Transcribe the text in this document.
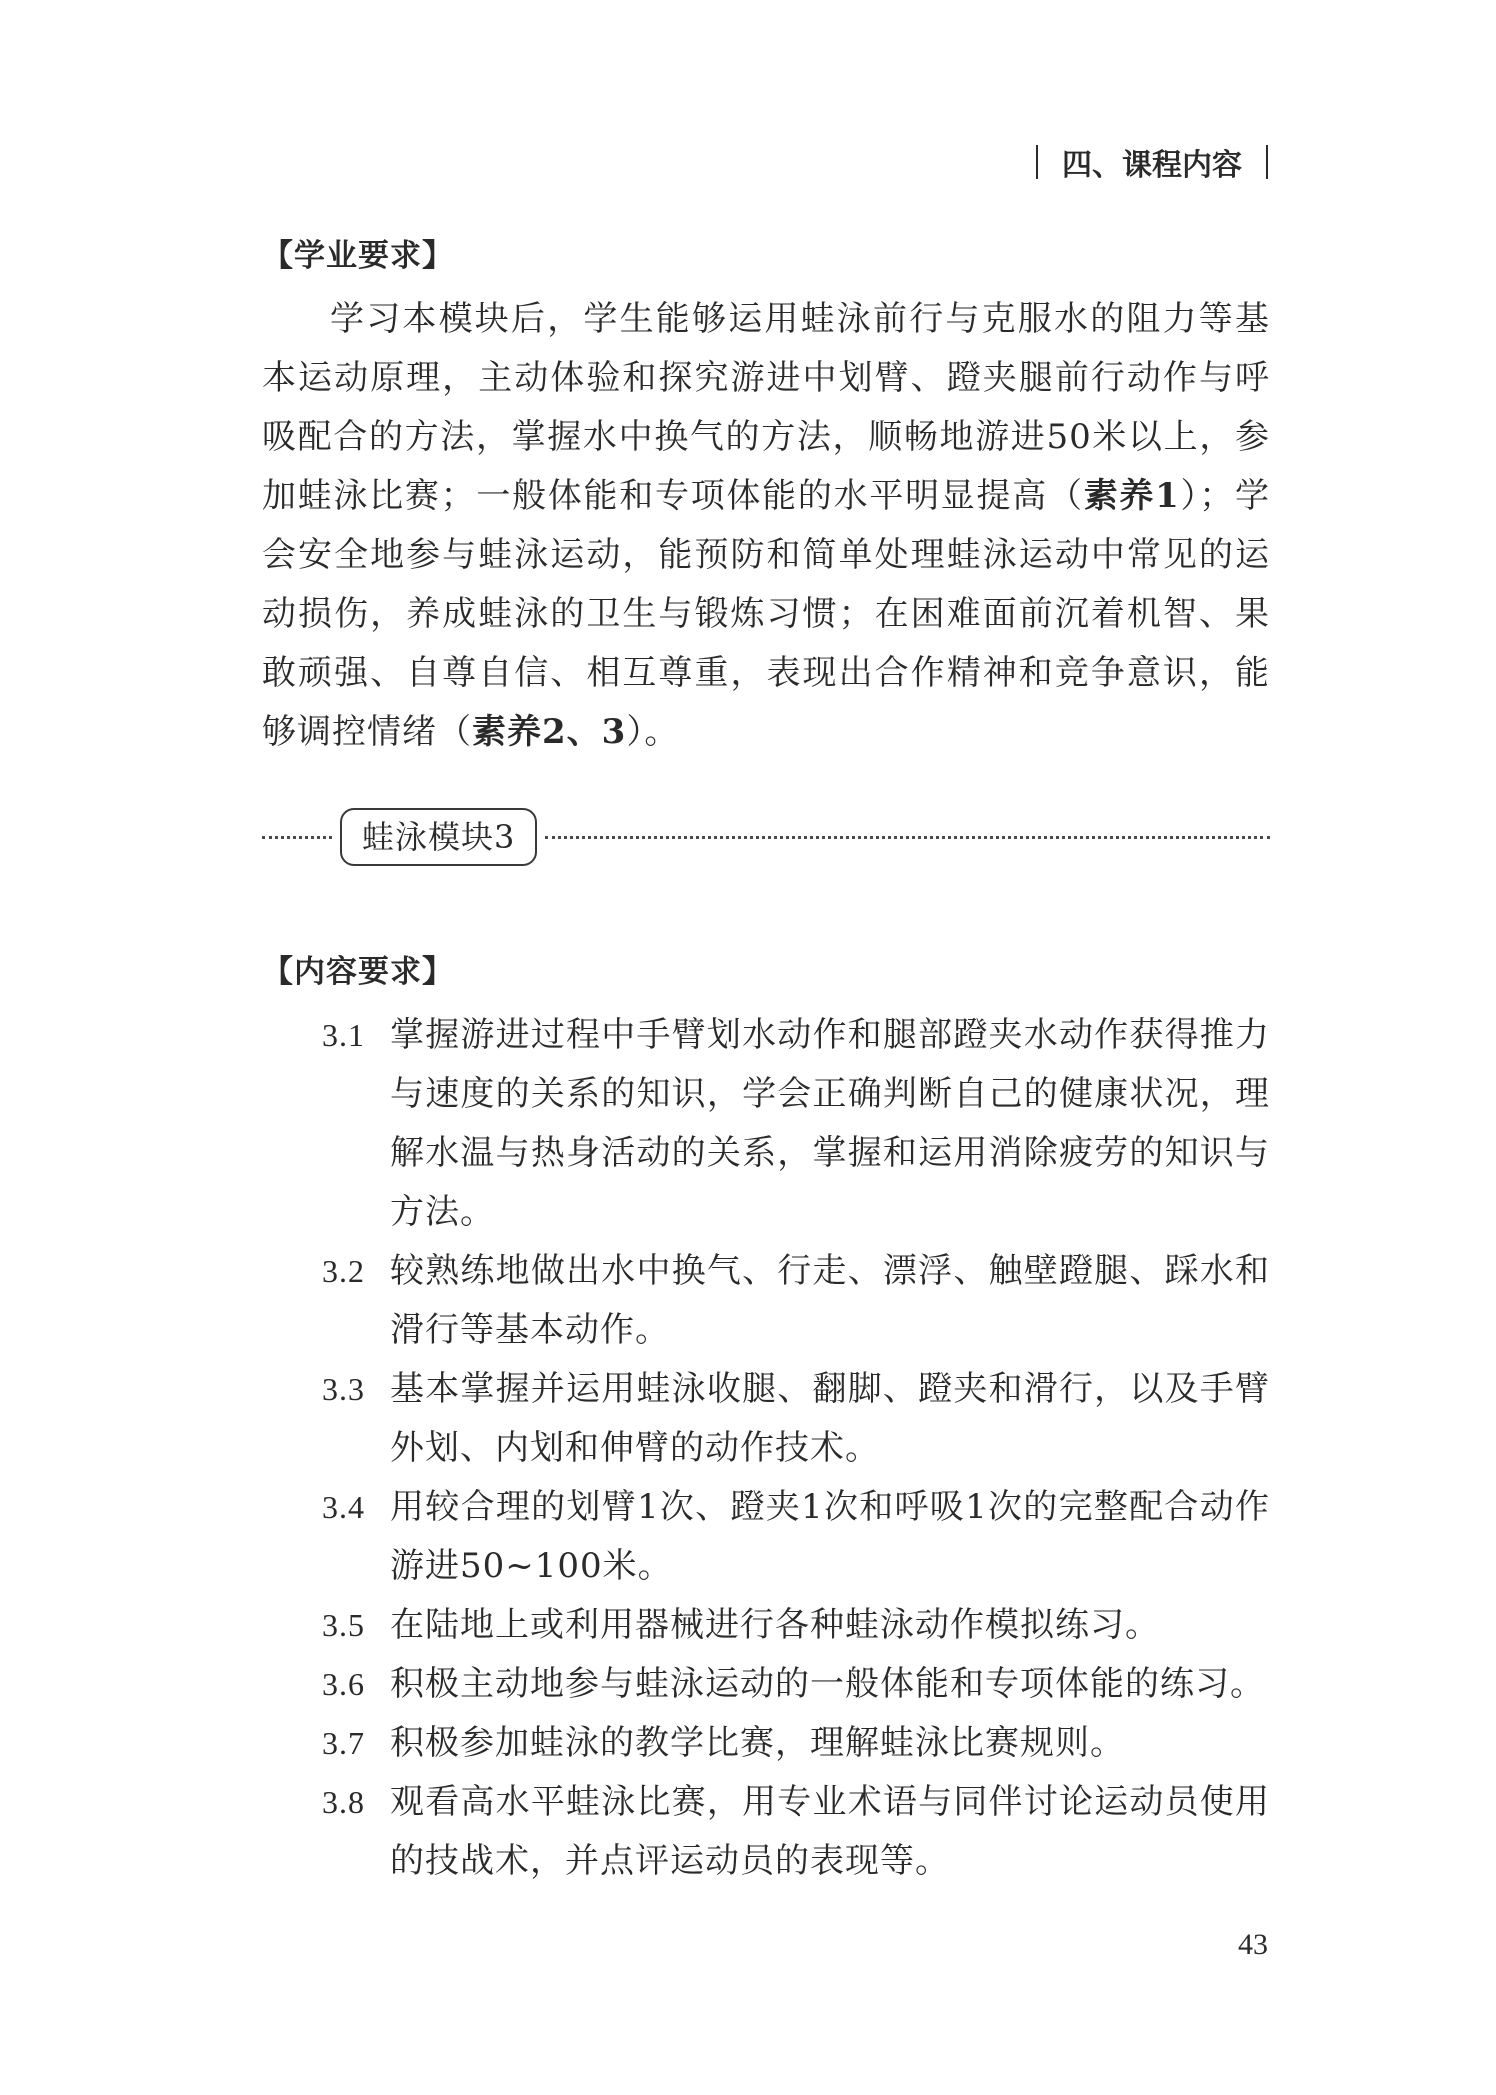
四、课程内容
【学业要求】

学习本模块后，学生能够运用蛙泳前行与克服水的阻力等基本运动原理，主动体验和探究游进中划臂、蹬夹腿前行动作与呼吸配合的方法，掌握水中换气的方法，顺畅地游进50米以上，参加蛙泳比赛；一般体能和专项体能的水平明显提高（素养1）；学会安全地参与蛙泳运动，能预防和简单处理蛙泳运动中常见的运动损伤，养成蛙泳的卫生与锻炼习惯；在困难面前沉着机智、果敢顽强、自尊自信、相互尊重，表现出合作精神和竞争意识，能够调控情绪（素养2、3）。

蛙泳模块3
【内容要求】
3.1 掌握游进过程中手臂划水动作和腿部蹬夹水动作获得推力与速度的关系的知识，学会正确判断自己的健康状况，理解水温与热身活动的关系，掌握和运用消除疲劳的知识与方法。
3.2 较熟练地做出水中换气、行走、漂浮、触壁蹬腿、踩水和滑行等基本动作。
3.3 基本掌握并运用蛙泳收腿、翻脚、蹬夹和滑行，以及手臂外划、内划和伸臂的动作技术。
3.4 用较合理的划臂1次、蹬夹1次和呼吸1次的完整配合动作游进50~100米。
3.5 在陆地上或利用器械进行各种蛙泳动作模拟练习。
3.6 积极主动地参与蛙泳运动的一般体能和专项体能的练习。
3.7 积极参加蛙泳的教学比赛，理解蛙泳比赛规则。
3.8 观看高水平蛙泳比赛，用专业术语与同伴讨论运动员使用的技战术，并点评运动员的表现等。
43
